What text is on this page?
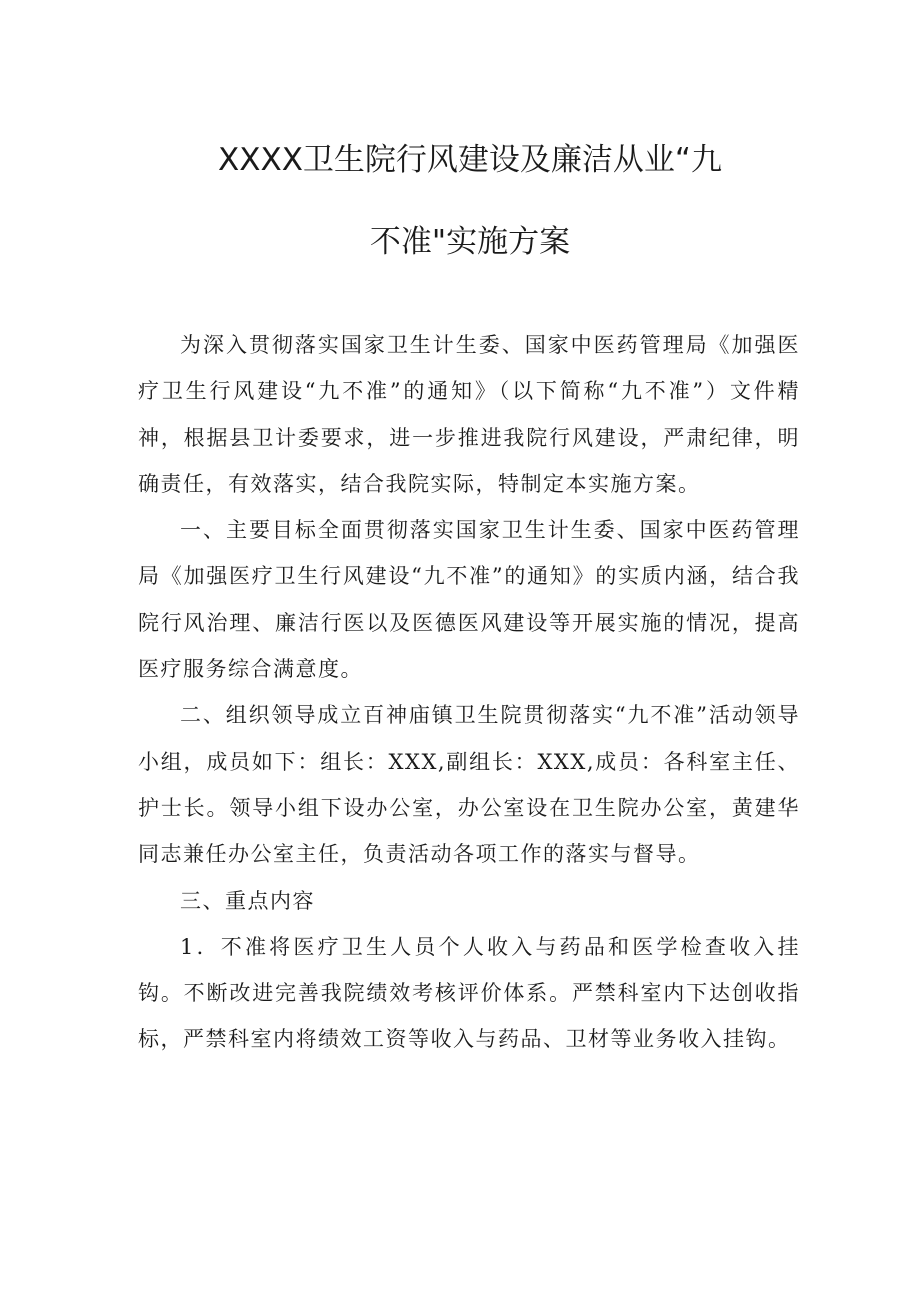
XXXX卫生院行风建设及廉洁从业“九
不准"实施方案

为深入贯彻落实国家卫生计生委、国家中医药管理局《加强医疗卫生行风建设“九不准”的通知》（以下简称“九不准”）文件精神，根据县卫计委要求，进一步推进我院行风建设，严肃纪律，明确责任，有效落实，结合我院实际，特制定本实施方案。

一、主要目标全面贯彻落实国家卫生计生委、国家中医药管理局《加强医疗卫生行风建设“九不准”的通知》的实质内涵，结合我院行风治理、廉洁行医以及医德医风建设等开展实施的情况，提高医疗服务综合满意度。

二、组织领导成立百神庙镇卫生院贯彻落实“九不准”活动领导小组，成员如下：组长：XXX,副组长：XXX,成员：各科室主任、护士长。领导小组下设办公室，办公室设在卫生院办公室，黄建华同志兼任办公室主任，负责活动各项工作的落实与督导。

三、重点内容

1．不准将医疗卫生人员个人收入与药品和医学检查收入挂钩。不断改进完善我院绩效考核评价体系。严禁科室内下达创收指标，严禁科室内将绩效工资等收入与药品、卫材等业务收入挂钩。
